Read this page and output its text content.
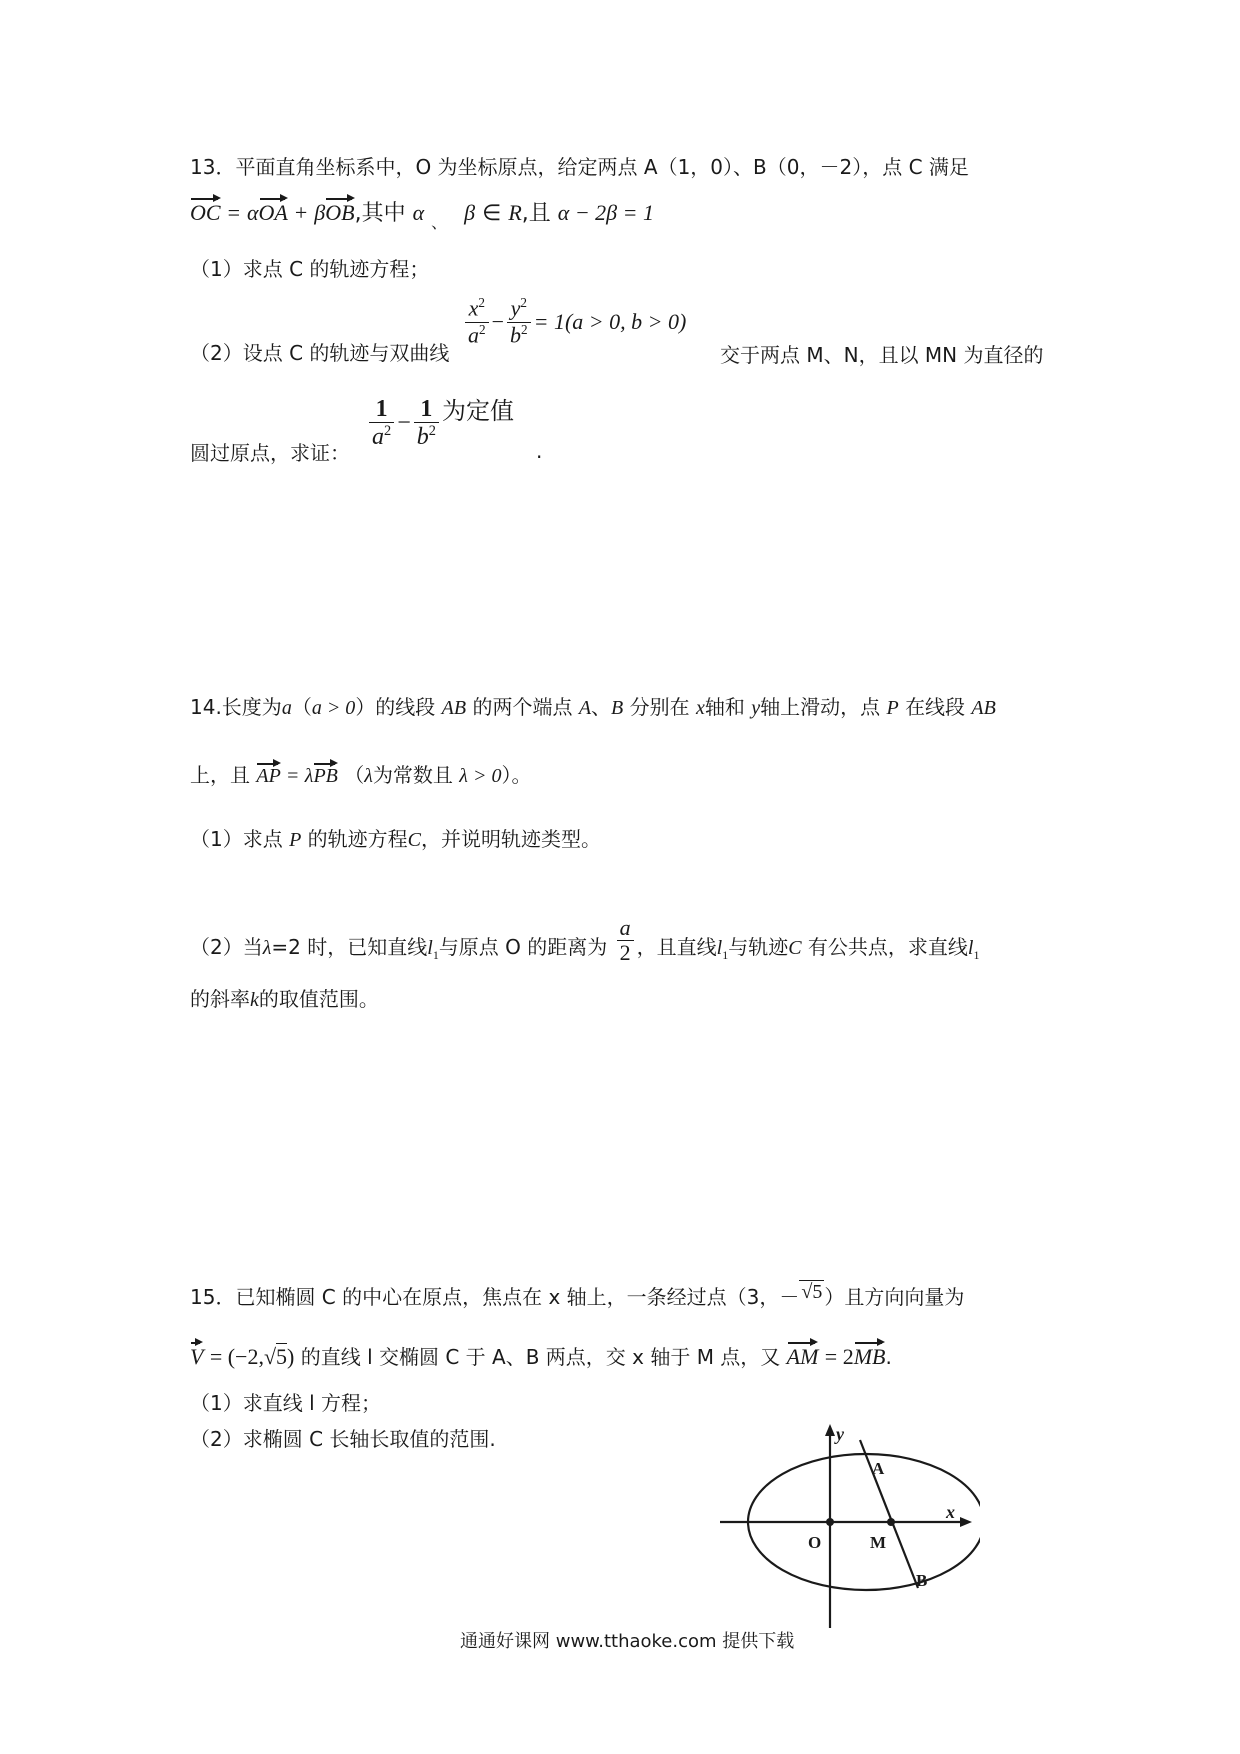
13．平面直角坐标系中，O 为坐标原点，给定两点 A（1，0）、B（0，－2），点 C 满足
OC = αOA + βOB,其中 α $_、$ β ∈ R,且 α − 2β = 1
（1）求点 C 的轨迹方程；
（2）设点 C 的轨迹与双曲线
$\frac{x^2}{a^2} - \frac{y^2}{b^2} = 1(a > 0$, b > 0)
交于两点 M、N，且以 MN 为直径的
圆过原点，求证：
$\frac{1}{a^2} - \frac{1}{b^2}$ 为定值
.
14.长度为a（a > 0）的线段 AB 的两个端点 A、B 分别在 x轴和 y轴上滑动，点 P 在线段 AB
上，且 AP = λPB （λ为常数且 λ > 0）。
（1）求点 P 的轨迹方程C，并说明轨迹类型。
（2）当λ=2 时，已知直线$l_1$与原点 O 的距离为 $\frac{a}{2}$ ，且直线$l_1$与轨迹C 有公共点，求直线$l_1$
的斜率k的取值范围。
15．已知椭圆 C 的中心在原点，焦点在 x 轴上，一条经过点（3，－ √5 ）且方向向量为
V = (−2,√5) 的直线 l 交椭圆 C 于 A、B 两点，交 x 轴于 M 点，又 AM = 2MB.
（1）求直线 l 方程；
（2）求椭圆 C 长轴长取值的范围.	y
x
A
O	M
B
通通好课网 www.tthaoke.com 提供下载
